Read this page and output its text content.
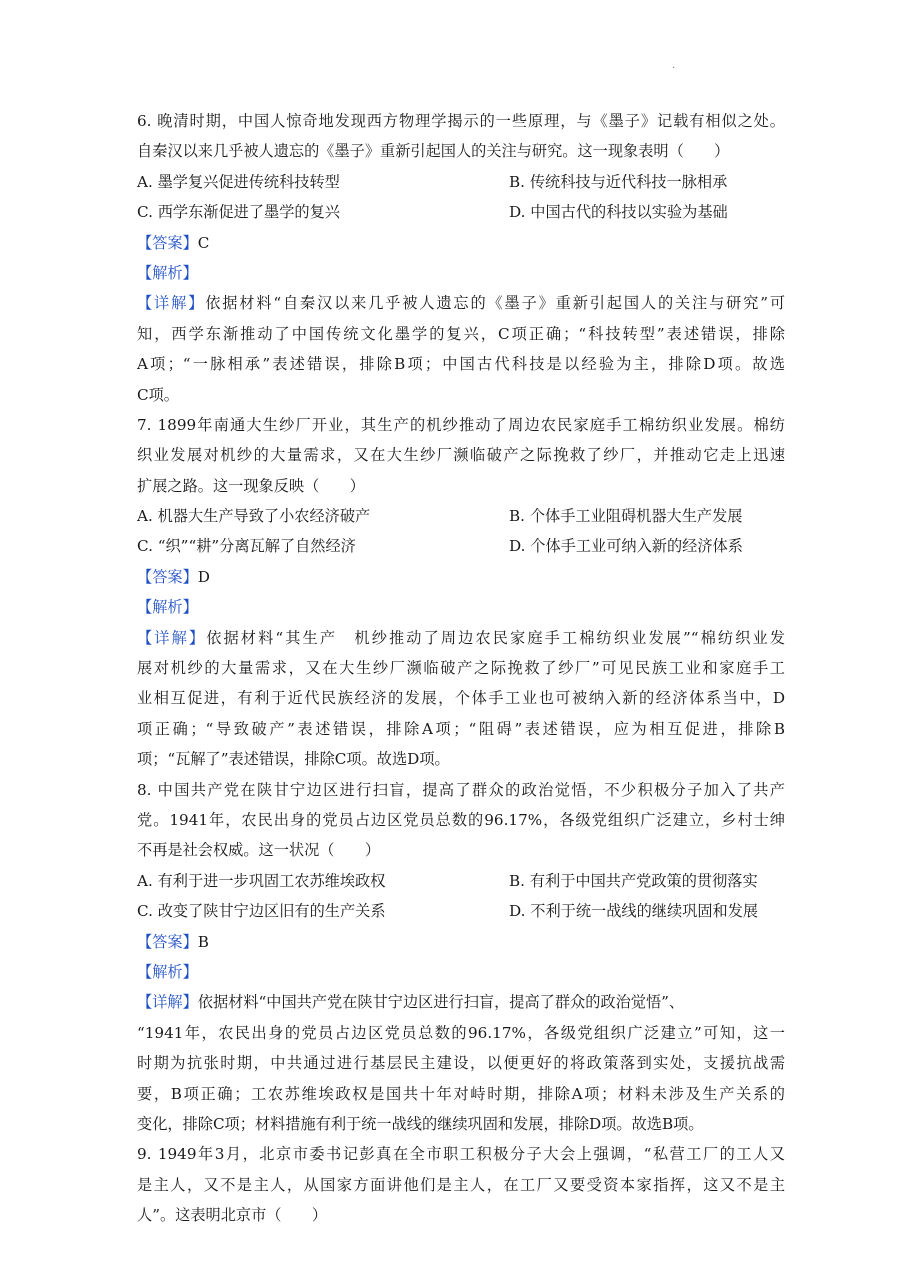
.
6. 晚清时期，中国人惊奇地发现西方物理学揭示的一些原理，与《墨子》记载有相似之处。
自秦汉以来几乎被人遗忘的《墨子》重新引起国人的关注与研究。这一现象表明（　　）
A. 墨学复兴促进传统科技转型	B. 传统科技与近代科技一脉相承
C. 西学东渐促进了墨学的复兴	D. 中国古代的科技以实验为基础
【答案】C
【解析】
【详解】依据材料“自秦汉以来几乎被人遗忘的《墨子》重新引起国人的关注与研究”可
知，西学东渐推动了中国传统文化墨学的复兴，C项正确；“科技转型”表述错误，排除
A项；“一脉相承”表述错误，排除B项；中国古代科技是以经验为主，排除D项。故选
C项。
7. 1899年南通大生纱厂开业，其生产的机纱推动了周边农民家庭手工棉纺织业发展。棉纺
织业发展对机纱的大量需求，又在大生纱厂濒临破产之际挽救了纱厂，并推动它走上迅速
扩展之路。这一现象反映（　　）
A. 机器大生产导致了小农经济破产	B. 个体手工业阻碍机器大生产发展
C. “织”“耕”分离瓦解了自然经济	D. 个体手工业可纳入新的经济体系
【答案】D
【解析】
【详解】依据材料“其生产　机纱推动了周边农民家庭手工棉纺织业发展”“棉纺织业发
展对机纱的大量需求，又在大生纱厂濒临破产之际挽救了纱厂”可见民族工业和家庭手工
业相互促进，有利于近代民族经济的发展，个体手工业也可被纳入新的经济体系当中，D
项正确；“导致破产”表述错误，排除A项；“阻碍”表述错误，应为相互促进，排除B
项；“瓦解了”表述错误，排除C项。故选D项。
8. 中国共产党在陕甘宁边区进行扫盲，提高了群众的政治觉悟，不少积极分子加入了共产
党。1941年，农民出身的党员占边区党员总数的96.17%，各级党组织广泛建立，乡村士绅
不再是社会权威。这一状况（　　）
A. 有利于进一步巩固工农苏维埃政权	B. 有利于中国共产党政策的贯彻落实
C. 改变了陕甘宁边区旧有的生产关系	D. 不利于统一战线的继续巩固和发展
【答案】B
【解析】
【详解】依据材料“中国共产党在陕甘宁边区进行扫盲，提高了群众的政治觉悟”、
“1941年，农民出身的党员占边区党员总数的96.17%，各级党组织广泛建立”可知，这一
时期为抗张时期，中共通过进行基层民主建设，以便更好的将政策落到实处，支援抗战需
要，B项正确；工农苏维埃政权是国共十年对峙时期，排除A项；材料未涉及生产关系的
变化，排除C项；材料措施有利于统一战线的继续巩固和发展，排除D项。故选B项。
9. 1949年3月，北京市委书记彭真在全市职工积极分子大会上强调，“私营工厂的工人又
是主人，又不是主人，从国家方面讲他们是主人，在工厂又要受资本家指挥，这又不是主
人”。这表明北京市（　　）
